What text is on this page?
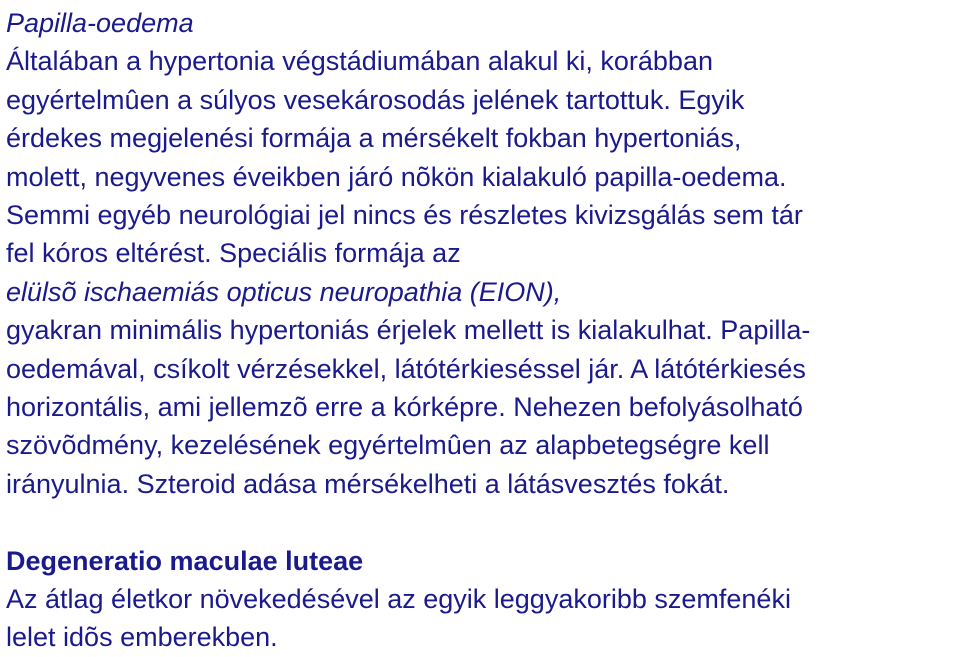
Papilla-oedema
Általában a hypertonia végstádiumában alakul ki, korábban
egyértelmûen a súlyos vesekárosodás jelének tartottuk. Egyik
érdekes megjelenési formája a mérsékelt fokban hypertoniás,
molett, negyvenes éveikben járó nõkön kialakuló papilla-oedema.
Semmi egyéb neurológiai jel nincs és részletes kivizsgálás sem tár
fel kóros eltérést. Speciális formája az
elülsõ ischaemiás opticus neuropathia (EION),
gyakran minimális hypertoniás érjelek mellett is kialakulhat. Papilla-
oedemával, csíkolt vérzésekkel, látótérkieséssel jár. A látótérkiesés
horizontális, ami jellemzõ erre a kórképre. Nehezen befolyásolható
szövõdmény, kezelésének egyértelmûen az alapbetegségre kell
irányulnia. Szteroid adása mérsékelheti a látásvesztés fokát.
Degeneratio maculae luteae
Az átlag életkor növekedésével az egyik leggyakoribb szemfenéki
lelet idõs emberekben.
